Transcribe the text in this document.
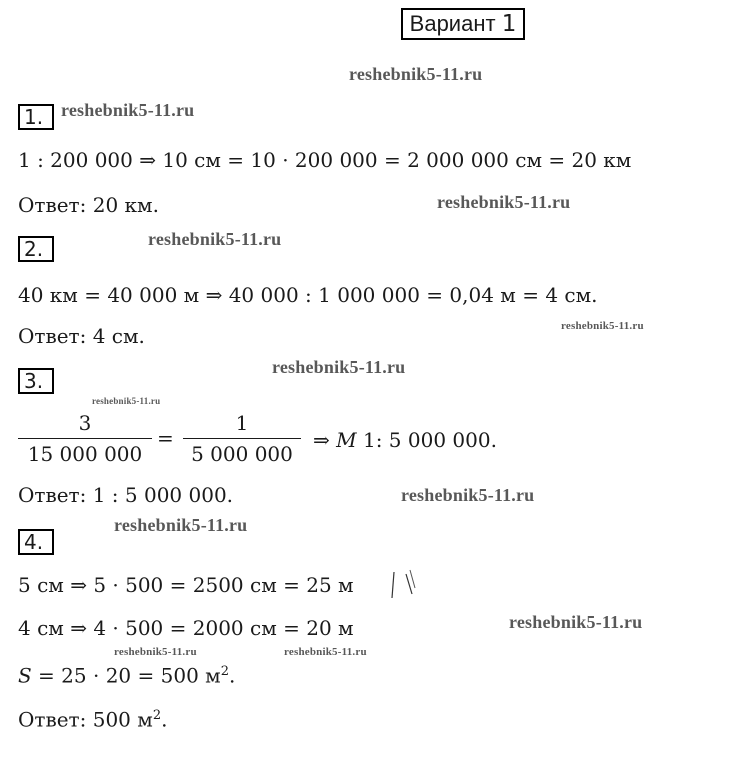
Вариант 1
reshebnik5-11.ru
reshebnik5-11.ru
reshebnik5-11.ru
reshebnik5-11.ru
reshebnik5-11.ru
reshebnik5-11.ru
reshebnik5-11.ru
reshebnik5-11.ru
reshebnik5-11.ru
reshebnik5-11.ru
reshebnik5-11.ru	reshebnik5-11.ru
1.
1 : 200 000 ⇒ 10 см = 10 · 200 000 = 2 000 000 см = 20 км
Ответ: 20 км.
2.
40 км = 40 000 м ⇒ 40 000 : 1 000 000 = 0,04 м = 4 см.
Ответ: 4 см.
3.
3
15 000 000
=
1
5 000 000
⇒ M 1: 5 000 000.
Ответ: 1 : 5 000 000.
4.
5 см ⇒ 5 · 500 = 2500 см = 25 м
4 см ⇒ 4 · 500 = 2000 см = 20 м
S = 25 · 20 = 500 $м^2$.
Ответ: 500 $м^2$.
